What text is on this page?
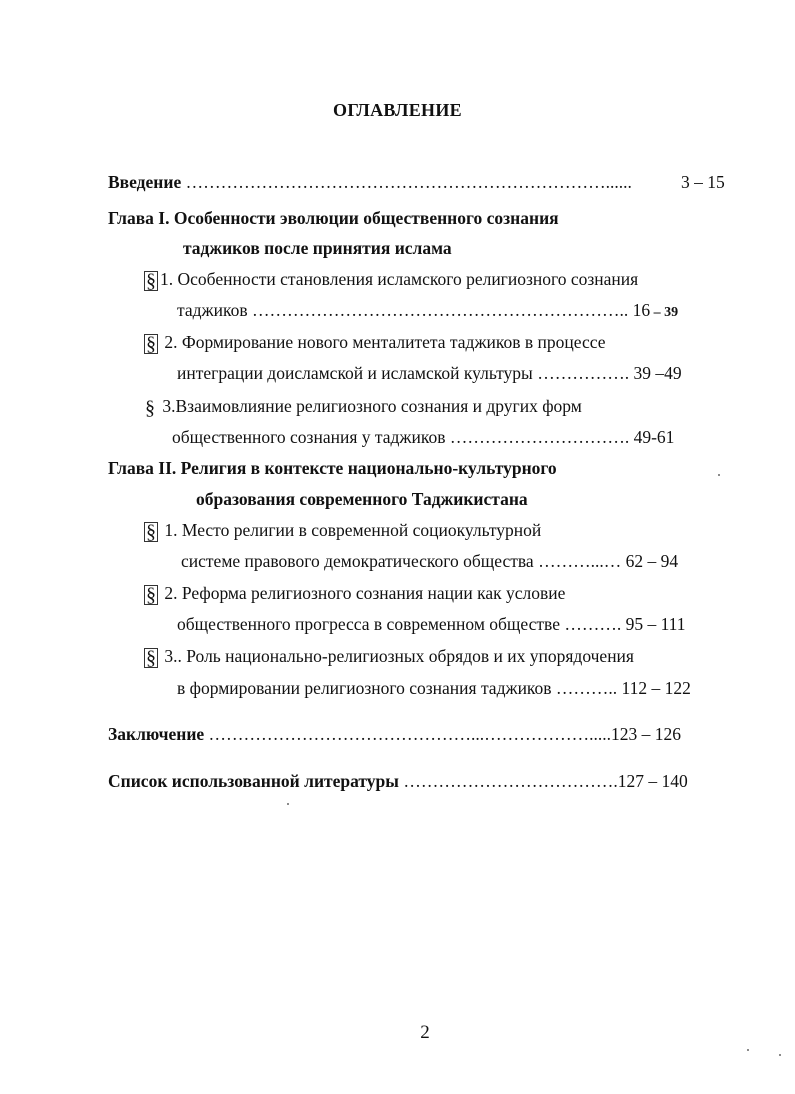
ОГЛАВЛЕНИЕ
Введение ………………………………………………………………......	3 – 15
Глава I. Особенности эволюции общественного сознания
таджиков после принятия ислама
§ 1. Особенности становления исламского религиозного сознания
таджиков ……………………………………………………….. 16 – 39
§ 2. Формирование нового менталитета таджиков в процессе
интеграции доисламской и исламской культуры ……………. 39 –49
§ 3.Взаимовлияние религиозного сознания и других форм
общественного сознания у таджиков …………………………. 49-61
Глава II. Религия в контексте национально-культурного
образования современного Таджикистана
§ 1. Место религии в современной социокультурной
системе правового демократического общества ………...… 62 – 94
§ 2. Реформа религиозного сознания нации как условие
общественного прогресса в современном обществе ………. 95 – 111
§ 3.. Роль национально-религиозных обрядов и их упорядочения
в формировании религиозного сознания таджиков ……….. 112 – 122
Заключение ………………………………………...……………….....123 – 126
Список использованной литературы ……………………………….127 – 140
2
